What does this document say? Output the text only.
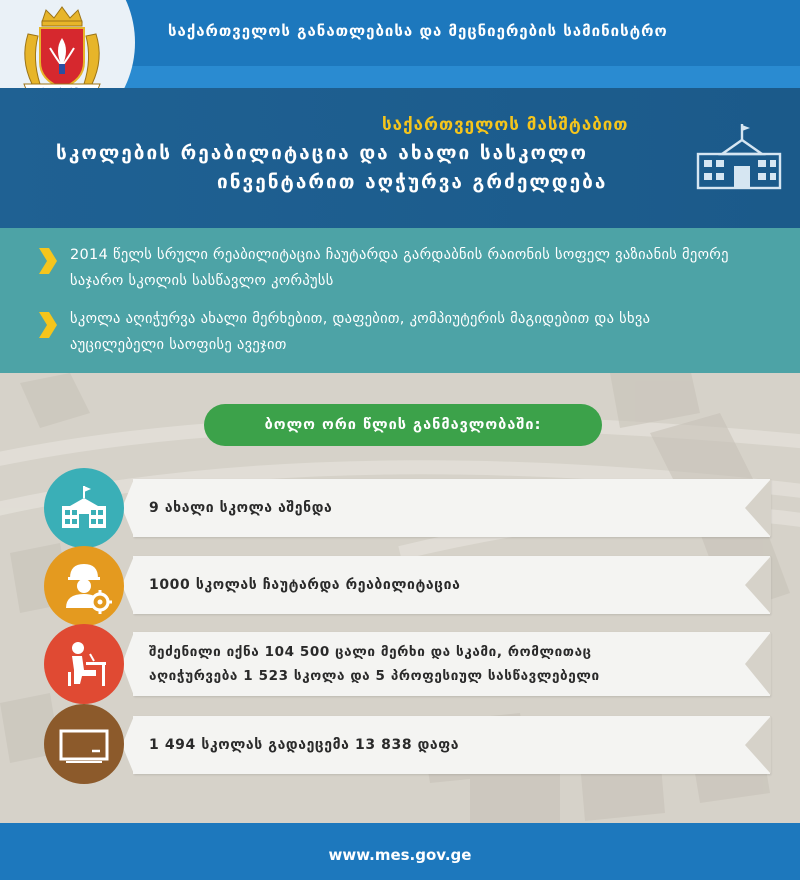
საქართველოს განათლებისა და მეცნიერების სამინისტრო
საქართველოს მასშტაბით
სკოლების რეაბილიტაცია და ახალი სასკოლო
ინვენტარით აღჭურვა გრძელდება
2014 წელს სრული რეაბილიტაცია ჩაუტარდა გარდაბნის რაიონის სოფელ ვაზიანის მეორე საჯარო სკოლის სასწავლო კორპუსს
სკოლა აღიჭურვა ახალი მერხებით, დაფებით, კომპიუტერის მაგიდებით და სხვა აუცილებელი საოფისე ავეჯით
ბოლო ორი წლის განმავლობაში:
9 ახალი სკოლა აშენდა
1000 სკოლას ჩაუტარდა რეაბილიტაცია
შეძენილი იქნა 104 500 ცალი მერხი და სკამი, რომლითაც
აღიჭურვება 1 523 სკოლა და 5 პროფესიულ სასწავლებელი
1 494 სკოლას გადაეცემა 13 838 დაფა
www.mes.gov.ge
